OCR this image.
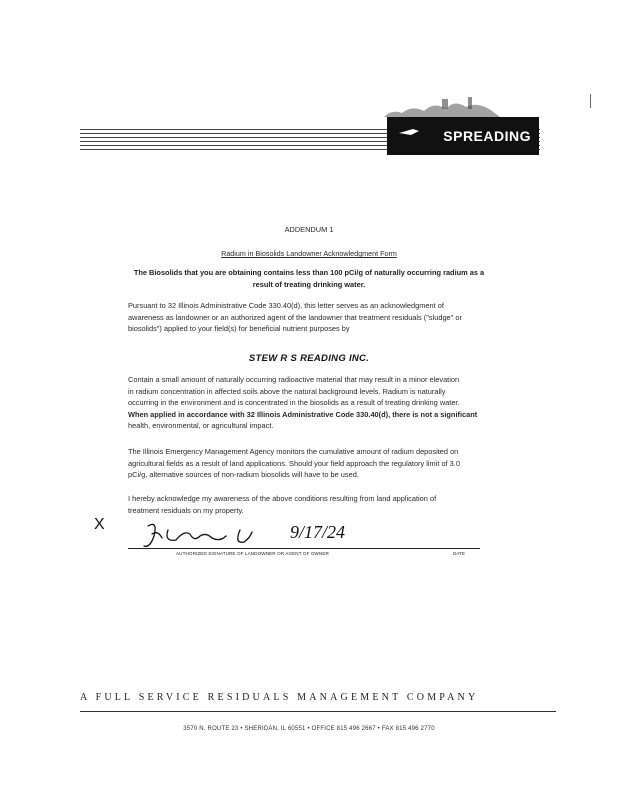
SPREADING
ADDENDUM 1
Radium in Biosolids Landowner Acknowledgment Form
The Biosolids that you are obtaining contains less than 100 pCi/g of naturally occurring radium as a
result of treating drinking water.
Pursuant to 32 Illinois Administrative Code 330.40(d), this letter serves as an acknowledgment of
awareness as landowner or an authorized agent of the landowner that treatment residuals ("sludge" or
biosolids") applied to your field(s) for beneficial nutrient purposes by
STEW R S READING INC.
Contain a small amount of naturally occurring radioactive material that may result in a minor elevation
in radium concentration in affected soils above the natural background levels. Radium is naturally
occurring in the environment and is concentrated in the biosolids as a result of treating drinking water.
When applied in accordance with 32 Illinois Administrative Code 330.40(d), there is not a significant
health, environmental, or agricultural impact.
The Illinois Emergency Management Agency monitors the cumulative amount of radium deposited on
agricultural fields as a result of land applications. Should your field approach the regulatory limit of 3.0
pCi/g, alternative sources of non-radium biosolids will have to be used.
I hereby acknowledge my awareness of the above conditions resulting from land application of
treatment residuals on my property.
X	9/17/24
AUTHORIZED SIGNATURE OF LANDOWNER OR AGENT OF OWNER	DATE
A FULL SERVICE RESIDUALS MANAGEMENT COMPANY
3570 N. ROUTE 23 • SHERIDAN, IL 60551 • OFFICE 815 496 2667 • FAX 815 496 2770
